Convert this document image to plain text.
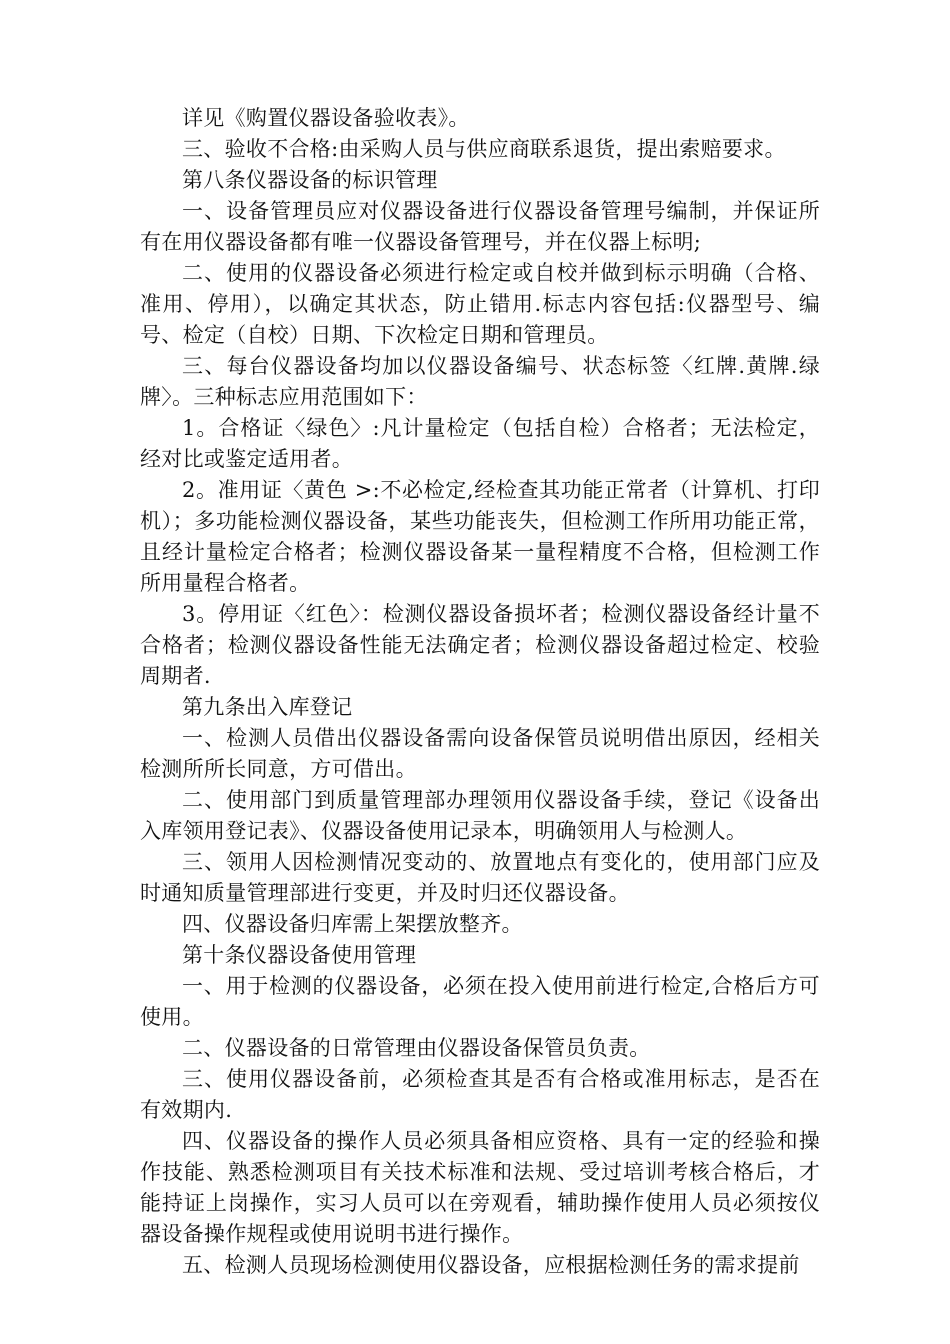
详见《购置仪器设备验收表》。

三、验收不合格:由采购人员与供应商联系退货，提出索赔要求。

第八条仪器设备的标识管理

一、设备管理员应对仪器设备进行仪器设备管理号编制，并保证所有在用仪器设备都有唯一仪器设备管理号，并在仪器上标明;

二、使用的仪器设备必须进行检定或自校并做到标示明确（合格、准用、停用），以确定其状态，防止错用.标志内容包括:仪器型号、编号、检定（自校）日期、下次检定日期和管理员。

三、每台仪器设备均加以仪器设备编号、状态标签〈红牌.黄牌.绿牌〉。三种标志应用范围如下：

1。合格证〈绿色〉:凡计量检定（包括自检）合格者；无法检定，经对比或鉴定适用者。

2。准用证〈黄色 >:不必检定,经检查其功能正常者（计算机、打印机）；多功能检测仪器设备，某些功能丧失，但检测工作所用功能正常，且经计量检定合格者；检测仪器设备某一量程精度不合格，但检测工作所用量程合格者。

3。停用证〈红色〉：检测仪器设备损坏者；检测仪器设备经计量不合格者；检测仪器设备性能无法确定者；检测仪器设备超过检定、校验周期者.

第九条出入库登记

一、检测人员借出仪器设备需向设备保管员说明借出原因，经相关检测所所长同意，方可借出。

二、使用部门到质量管理部办理领用仪器设备手续，登记《设备出入库领用登记表》、仪器设备使用记录本，明确领用人与检测人。

三、领用人因检测情况变动的、放置地点有变化的，使用部门应及时通知质量管理部进行变更，并及时归还仪器设备。

四、仪器设备归库需上架摆放整齐。

第十条仪器设备使用管理

一、用于检测的仪器设备，必须在投入使用前进行检定,合格后方可使用。

二、仪器设备的日常管理由仪器设备保管员负责。

三、使用仪器设备前，必须检查其是否有合格或准用标志，是否在有效期内.

四、仪器设备的操作人员必须具备相应资格、具有一定的经验和操作技能、熟悉检测项目有关技术标准和法规、受过培训考核合格后，才能持证上岗操作，实习人员可以在旁观看，辅助操作使用人员必须按仪器设备操作规程或使用说明书进行操作。

五、检测人员现场检测使用仪器设备，应根据检测任务的需求提前
